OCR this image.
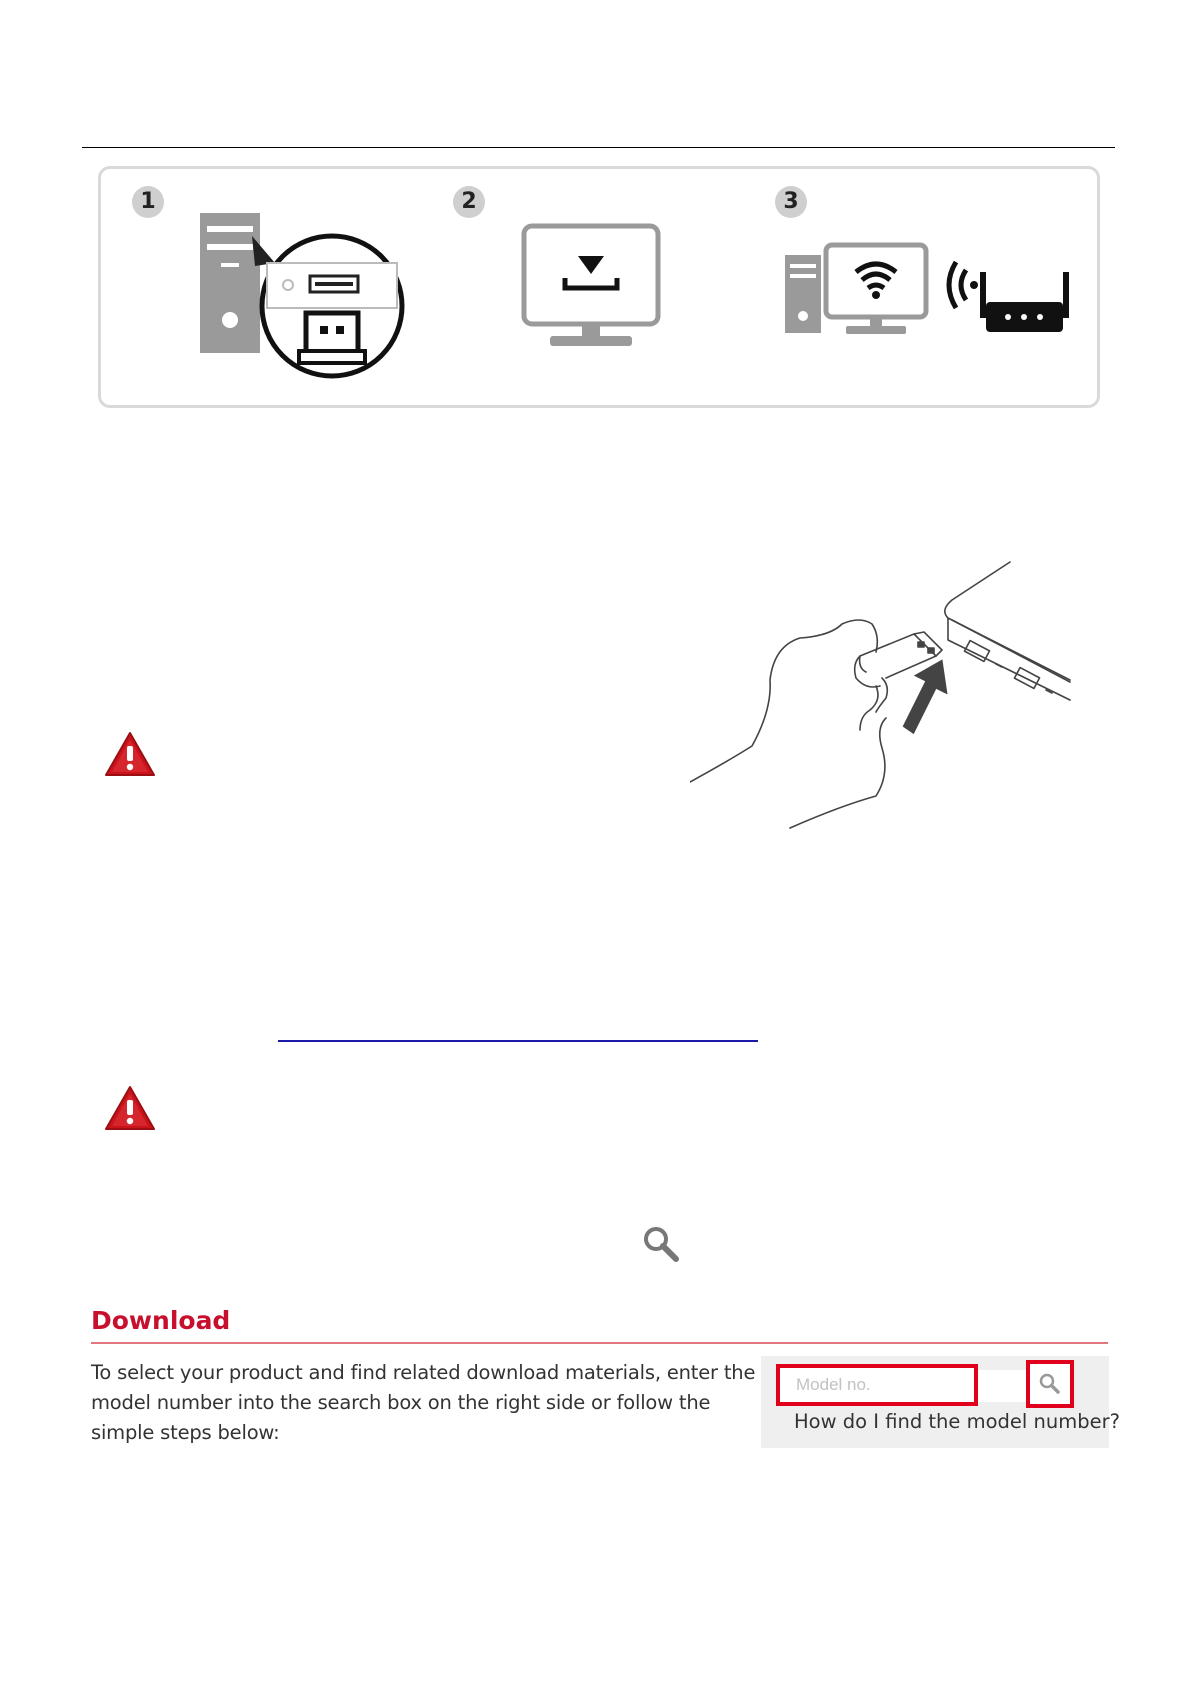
1	2	3
Download
To select your product and find related download materials, enter the model number into the search box on the right side or follow the simple steps below:
Model no.	How do I find the model number?
